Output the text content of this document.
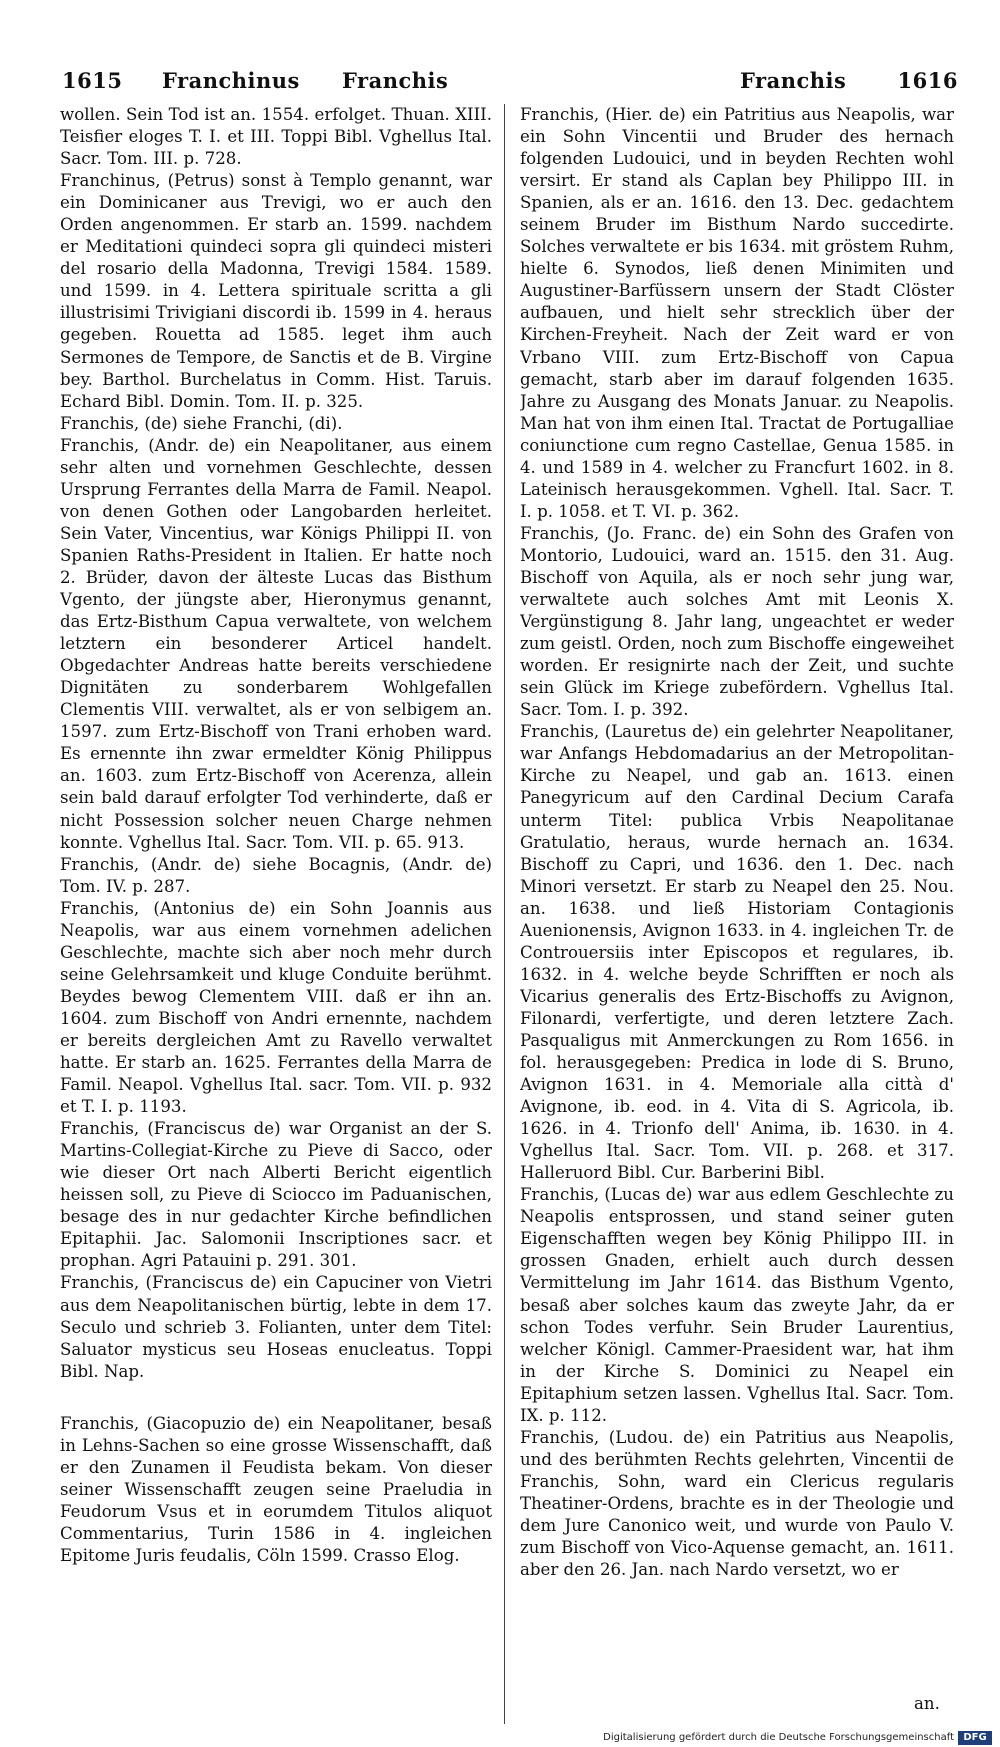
1615 Franchinus Franchis	Franchis 1616

wollen. Sein Tod ist an. 1554. erfolget. Thuan. XIII. Teisfier eloges T. I. et III. Toppi Bibl. Vghellus Ital. Sacr. Tom. III. p. 728.

Franchinus, (Petrus) sonst à Templo genannt, war ein Dominicaner aus Trevigi, wo er auch den Orden angenommen. Er starb an. 1599. nachdem er Meditationi quindeci sopra gli quindeci misteri del rosario della Madonna, Trevigi 1584. 1589. und 1599. in 4. Lettera spirituale scritta a gli illustrisimi Trivigiani discordi ib. 1599 in 4. heraus gegeben. Rouetta ad 1585. leget ihm auch Sermones de Tempore, de Sanctis et de B. Virgine bey. Barthol. Burchelatus in Comm. Hist. Taruis. Echard Bibl. Domin. Tom. II. p. 325.

Franchis, (de) siehe Franchi, (di).

Franchis, (Andr. de) ein Neapolitaner, aus einem sehr alten und vornehmen Geschlechte, dessen Ursprung Ferrantes della Marra de Famil. Neapol. von denen Gothen oder Langobarden herleitet. Sein Vater, Vincentius, war Königs Philippi II. von Spanien Raths-President in Italien. Er hatte noch 2. Brüder, davon der älteste Lucas das Bisthum Vgento, der jüngste aber, Hieronymus genannt, das Ertz-Bisthum Capua verwaltete, von welchem letztern ein besonderer Articel handelt. Obgedachter Andreas hatte bereits verschiedene Dignitäten zu sonderbarem Wohlgefallen Clementis VIII. verwaltet, als er von selbigem an. 1597. zum Ertz-Bischoff von Trani erhoben ward. Es ernennte ihn zwar ermeldter König Philippus an. 1603. zum Ertz-Bischoff von Acerenza, allein sein bald darauf erfolgter Tod verhinderte, daß er nicht Possession solcher neuen Charge nehmen konnte. Vghellus Ital. Sacr. Tom. VII. p. 65. 913.

Franchis, (Andr. de) siehe Bocagnis, (Andr. de) Tom. IV. p. 287.

Franchis, (Antonius de) ein Sohn Joannis aus Neapolis, war aus einem vornehmen adelichen Geschlechte, machte sich aber noch mehr durch seine Gelehrsamkeit und kluge Conduite berühmt. Beydes bewog Clementem VIII. daß er ihn an. 1604. zum Bischoff von Andri ernennte, nachdem er bereits dergleichen Amt zu Ravello verwaltet hatte. Er starb an. 1625. Ferrantes della Marra de Famil. Neapol. Vghellus Ital. sacr. Tom. VII. p. 932 et T. I. p. 1193.

Franchis, (Franciscus de) war Organist an der S. Martins-Collegiat-Kirche zu Pieve di Sacco, oder wie dieser Ort nach Alberti Bericht eigentlich heissen soll, zu Pieve di Sciocco im Paduanischen, besage des in nur gedachter Kirche befindlichen Epitaphii. Jac. Salomonii Inscriptiones sacr. et prophan. Agri Patauini p. 291. 301.

Franchis, (Franciscus de) ein Capuciner von Vietri aus dem Neapolitanischen bürtig, lebte in dem 17. Seculo und schrieb 3. Folianten, unter dem Titel: Saluator mysticus seu Hoseas enucleatus. Toppi Bibl. Nap.

Franchis, (Giacopuzio de) ein Neapolitaner, besaß in Lehns-Sachen so eine grosse Wissenschafft, daß er den Zunamen il Feudista bekam. Von dieser seiner Wissenschafft zeugen seine Praeludia in Feudorum Vsus et in eorumdem Titulos aliquot Commentarius, Turin 1586 in 4. ingleichen Epitome Juris feudalis, Cöln 1599. Crasso Elog.

Franchis, (Hier. de) ein Patritius aus Neapolis, war ein Sohn Vincentii und Bruder des hernach folgenden Ludouici, und in beyden Rechten wohl versirt. Er stand als Caplan bey Philippo III. in Spanien, als er an. 1616. den 13. Dec. gedachtem seinem Bruder im Bisthum Nardo succedirte. Solches verwaltete er bis 1634. mit gröstem Ruhm, hielte 6. Synodos, ließ denen Minimiten und Augustiner-Barfüssern unsern der Stadt Clöster aufbauen, und hielt sehr strecklich über der Kirchen-Freyheit. Nach der Zeit ward er von Vrbano VIII. zum Ertz-Bischoff von Capua gemacht, starb aber im darauf folgenden 1635. Jahre zu Ausgang des Monats Januar. zu Neapolis. Man hat von ihm einen Ital. Tractat de Portugalliae coniunctione cum regno Castellae, Genua 1585. in 4. und 1589 in 4. welcher zu Francfurt 1602. in 8. Lateinisch herausgekommen. Vghell. Ital. Sacr. T. I. p. 1058. et T. VI. p. 362.

Franchis, (Jo. Franc. de) ein Sohn des Grafen von Montorio, Ludouici, ward an. 1515. den 31. Aug. Bischoff von Aquila, als er noch sehr jung war, verwaltete auch solches Amt mit Leonis X. Vergünstigung 8. Jahr lang, ungeachtet er weder zum geistl. Orden, noch zum Bischoffe eingeweihet worden. Er resignirte nach der Zeit, und suchte sein Glück im Kriege zubefördern. Vghellus Ital. Sacr. Tom. I. p. 392.

Franchis, (Lauretus de) ein gelehrter Neapolitaner, war Anfangs Hebdomadarius an der Metropolitan-Kirche zu Neapel, und gab an. 1613. einen Panegyricum auf den Cardinal Decium Carafa unterm Titel: publica Vrbis Neapolitanae Gratulatio, heraus, wurde hernach an. 1634. Bischoff zu Capri, und 1636. den 1. Dec. nach Minori versetzt. Er starb zu Neapel den 25. Nou. an. 1638. und ließ Historiam Contagionis Auenionensis, Avignon 1633. in 4. ingleichen Tr. de Controuersiis inter Episcopos et regulares, ib. 1632. in 4. welche beyde Schrifften er noch als Vicarius generalis des Ertz-Bischoffs zu Avignon, Filonardi, verfertigte, und deren letztere Zach. Pasqualigus mit Anmerckungen zu Rom 1656. in fol. herausgegeben: Predica in lode di S. Bruno, Avignon 1631. in 4. Memoriale alla città d' Avignone, ib. eod. in 4. Vita di S. Agricola, ib. 1626. in 4. Trionfo dell' Anima, ib. 1630. in 4. Vghellus Ital. Sacr. Tom. VII. p. 268. et 317. Halleruord Bibl. Cur. Barberini Bibl.

Franchis, (Lucas de) war aus edlem Geschlechte zu Neapolis entsprossen, und stand seiner guten Eigenschafften wegen bey König Philippo III. in grossen Gnaden, erhielt auch durch dessen Vermittelung im Jahr 1614. das Bisthum Vgento, besaß aber solches kaum das zweyte Jahr, da er schon Todes verfuhr. Sein Bruder Laurentius, welcher Königl. Cammer-Praesident war, hat ihm in der Kirche S. Dominici zu Neapel ein Epitaphium setzen lassen. Vghellus Ital. Sacr. Tom. IX. p. 112.

Franchis, (Ludou. de) ein Patritius aus Neapolis, und des berühmten Rechts gelehrten, Vincentii de Franchis, Sohn, ward ein Clericus regularis Theatiner-Ordens, brachte es in der Theologie und dem Jure Canonico weit, und wurde von Paulo V. zum Bischoff von Vico-Aquense gemacht, an. 1611. aber den 26. Jan. nach Nardo versetzt, wo er

an.
Digitalisierung gefördert durch die Deutsche Forschungsgemeinschaft DFG
